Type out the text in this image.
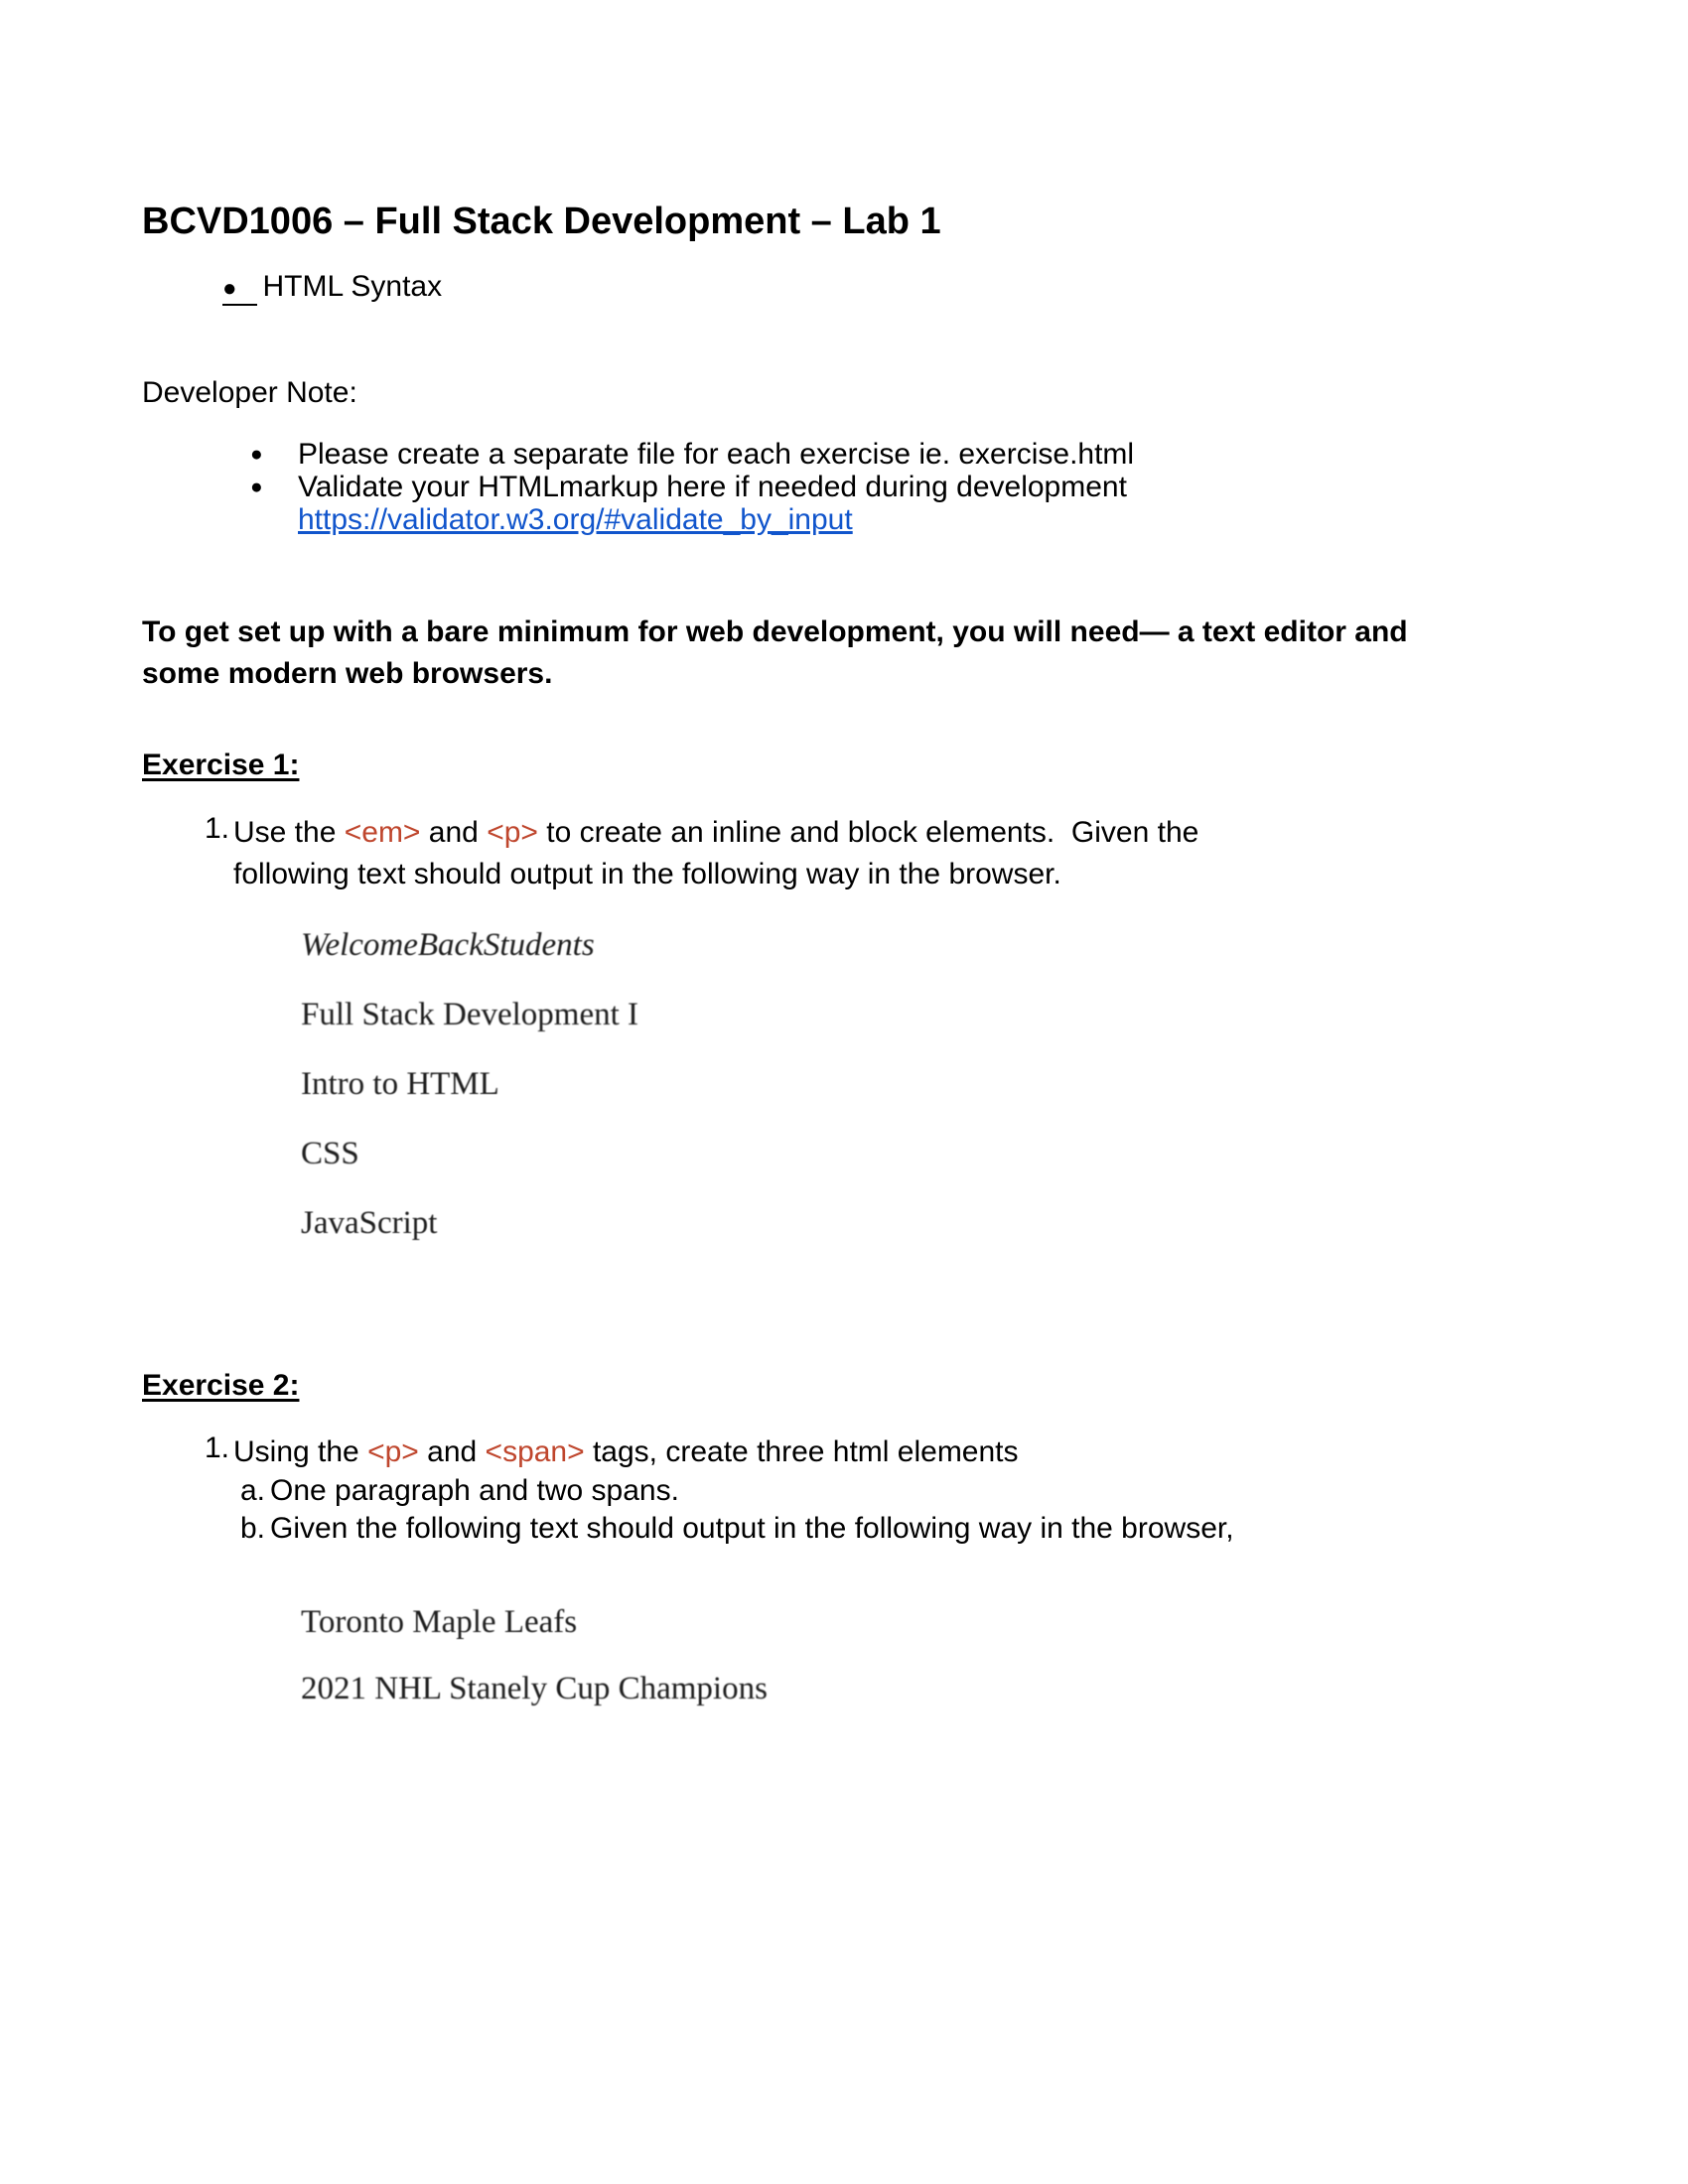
BCVD1006 – Full Stack Development – Lab 1
● HTML Syntax
Developer Note:
● Please create a separate file for each exercise ie. exercise.html
● Validate your HTMLmarkup here if needed during development
https://validator.w3.org/#validate_by_input
To get set up with a bare minimum for web development, you will need— a text editor and
some modern web browsers.
Exercise 1:
1. Use the <em> and <p> to create an inline and block elements.  Given the
following text should output in the following way in the browser.
WelcomeBackStudents
Full Stack Development I
Intro to HTML
CSS
JavaScript
Exercise 2:
1. Using the <p> and <span> tags, create three html elements
a. One paragraph and two spans.
b. Given the following text should output in the following way in the browser,
Toronto Maple Leafs
2021 NHL Stanely Cup Champions
